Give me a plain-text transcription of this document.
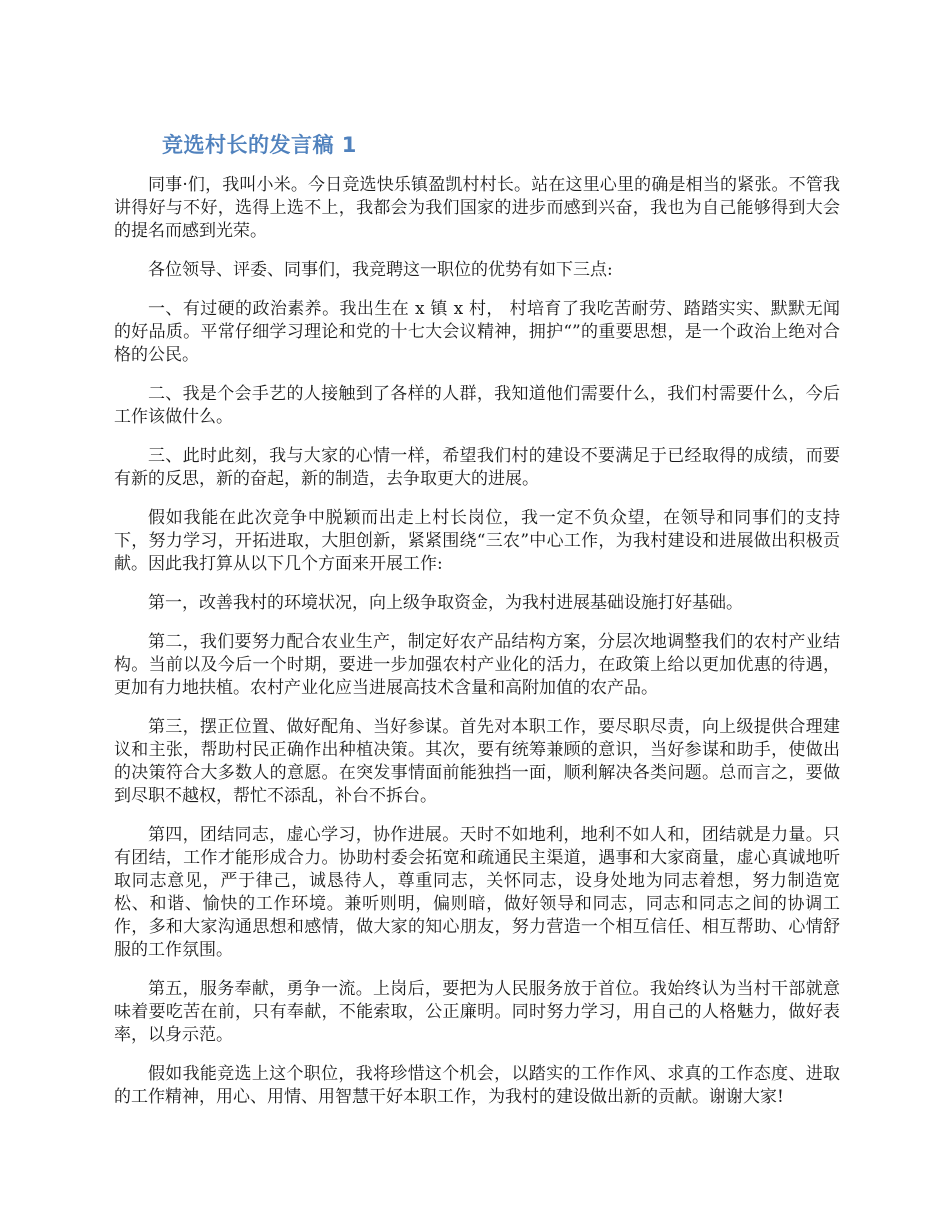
竞选村长的发言稿 1

同事·们，我叫小米。今日竞选快乐镇盈凯村村长。站在这里心里的确是相当的紧张。不管我讲得好与不好，选得上选不上，我都会为我们国家的进步而感到兴奋，我也为自己能够得到大会的提名而感到光荣。

各位领导、评委、同事们，我竞聘这一职位的优势有如下三点:

一、有过硬的政治素养。我出生在 x 镇 x 村， 村培育了我吃苦耐劳、踏踏实实、默默无闻的好品质。平常仔细学习理论和党的十七大会议精神，拥护“”的重要思想，是一个政治上绝对合格的公民。

二、我是个会手艺的人接触到了各样的人群，我知道他们需要什么，我们村需要什么，今后工作该做什么。

三、此时此刻，我与大家的心情一样，希望我们村的建设不要满足于已经取得的成绩，而要有新的反思，新的奋起，新的制造，去争取更大的进展。

假如我能在此次竞争中脱颖而出走上村长岗位，我一定不负众望，在领导和同事们的支持下，努力学习，开拓进取，大胆创新，紧紧围绕“三农”中心工作，为我村建设和进展做出积极贡献。因此我打算从以下几个方面来开展工作:

第一，改善我村的环境状况，向上级争取资金，为我村进展基础设施打好基础。

第二，我们要努力配合农业生产，制定好农产品结构方案，分层次地调整我们的农村产业结构。当前以及今后一个时期，要进一步加强农村产业化的活力，在政策上给以更加优惠的待遇，更加有力地扶植。农村产业化应当进展高技术含量和高附加值的农产品。

第三，摆正位置、做好配角、当好参谋。首先对本职工作，要尽职尽责，向上级提供合理建议和主张，帮助村民正确作出种植决策。其次，要有统筹兼顾的意识，当好参谋和助手，使做出的决策符合大多数人的意愿。在突发事情面前能独挡一面，顺利解决各类问题。总而言之，要做到尽职不越权，帮忙不添乱，补台不拆台。

第四，团结同志，虚心学习，协作进展。天时不如地利，地利不如人和，团结就是力量。只有团结，工作才能形成合力。协助村委会拓宽和疏通民主渠道，遇事和大家商量，虚心真诚地听取同志意见，严于律己，诚恳待人，尊重同志，关怀同志，设身处地为同志着想，努力制造宽松、和谐、愉快的工作环境。兼听则明，偏则暗，做好领导和同志，同志和同志之间的协调工作，多和大家沟通思想和感情，做大家的知心朋友，努力营造一个相互信任、相互帮助、心情舒服的工作氛围。

第五，服务奉献，勇争一流。上岗后，要把为人民服务放于首位。我始终认为当村干部就意味着要吃苦在前，只有奉献，不能索取，公正廉明。同时努力学习，用自己的人格魅力，做好表率，以身示范。

假如我能竞选上这个职位，我将珍惜这个机会，以踏实的工作作风、求真的工作态度、进取的工作精神，用心、用情、用智慧干好本职工作，为我村的建设做出新的贡献。谢谢大家!
